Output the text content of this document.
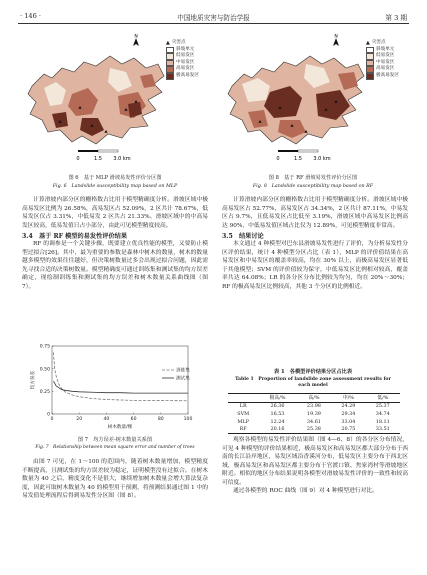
· 146 ·	中国地质灾害与防治学报	第 3 期
N
0	1.5 3.0 km
▲ 灾害点
斜坡单元
低易发区
中易发区
高易发区
极高易发区
图 6　基于 MLP 滑坡易发性评价分区图
Fig. 6　Landslide susceptibility map based on MLP

计算滑坡内部分区的栅格数占比用于模型精确度分析。滑坡区域中极高易发区比例为 26.58%，高易发区占 52.09%，2 区共计 78.67%，低易发区仅占 3.31%，中低易发 2 区共占 21.33%。滑坡区域中的中高易发区较高，低易发值只占小部分，由此可见模型精度较高。

3.4　基于 RF 模型的易发性评价结果

RF 的调参是一个关键步骤，既要建立优良性能的模型，又要防止模型过拟合[26]。其中，最为重要的参数是森林中树木的数量，树木的数量越多模型的效果往往越好，但决策树数量过多会出现过拟合问题，因此需先寻找合适的决策树数量。模型精确度可通过训练集和测试集的均方误差确定，现绘制训练集和测试集的均方误差和树木数量关系曲线图（图 7）。

0	20	40	60	80	100
0
0.25
0.50
0.75
树木数量/棵
均方误差	训练集
测试集
图 7　均方误差-树木数量关系图
Fig. 7　Relationship between mean square error and number of trees

由图 7 可见，在 1～100 的范围内，随着树木数量增加，模型精度不断提高，且测试集的均方误差较为稳定，证明模型没有过拟合。在树木数量为 40 之后，精度变化不是很大，继续增加树木数量会增大算法复杂度，因此可取树木数量为 40 的模型用于预测，将预测结果通过图 1 中的易发值处理流程后得到易发性分区图（图 8）。

N
0	1.5 3.0 km
▲ 灾害点
斜坡单元
低易发区
中易发区
高易发区
极高易发区
图 8　基于 RF 滑坡易发性评价分区图
Fig. 8　Landslide susceptibility map based on RF

计算滑坡内部分区的栅格数占比用于模型精确度分析。滑坡区域中极高易发区占 52.77%，高易发区占 34.34%，2 区共计 87.11%，中易发区占 9.7%，且低易发区占比低至 3.19%，滑坡区域中高易发区比例高达 90%，中低易发值区域占比仅为 12.89%，可见模型精度非常高。

3.5　结果讨论

本文通过 4 种模型对巴东县滑坡易发性进行了评价，为分析易发性分区评价结果，统计 4 种模型分区占比（表 1），MLP 的评价值结果在高易发区和中易发区的覆盖率较高，均在 30% 以上，而极高易发区显著低于其他模型；SVM 的评价值较为保守，中低易发区比例相对较高，覆盖率共达 64.08%；LR 的各分区分布比例较为均匀，均在 20%～30%；RF 的极高易发区比例较高，其他 3 个分区的比例相近。

表 1　各模型评价结果分区占比表
Table 1　Proportion of landslide zone assessment results for
each model
	极高/%	高/%	中/%	低/%
LR	26.36	23.98	24.29	25.37
SVM	16.53	19.39	29.34	34.74
MLP	12.24	34.61	33.04	18.11
RF	20.16	25.38	20.75	33.51

观察各模型的易发性评价结果图（图 4—6、8）的各分区分布情况，可见 4 种模型的评价结果相近，极高易发区和高易发区都大部分分布于西南的长江沿岸地区，易发区域沿香溪河分布，低易发区主要分布于西北区域，极高易发区和高易发区都主要分布于官渡口镇、焦家湾村等滑坡地区附近。相似的地区分布结果说明各模型对滑坡易发性评价的一致性和较高可信度。

通过各模型的 ROC 曲线（图 9）对 4 种模型进行对比。
